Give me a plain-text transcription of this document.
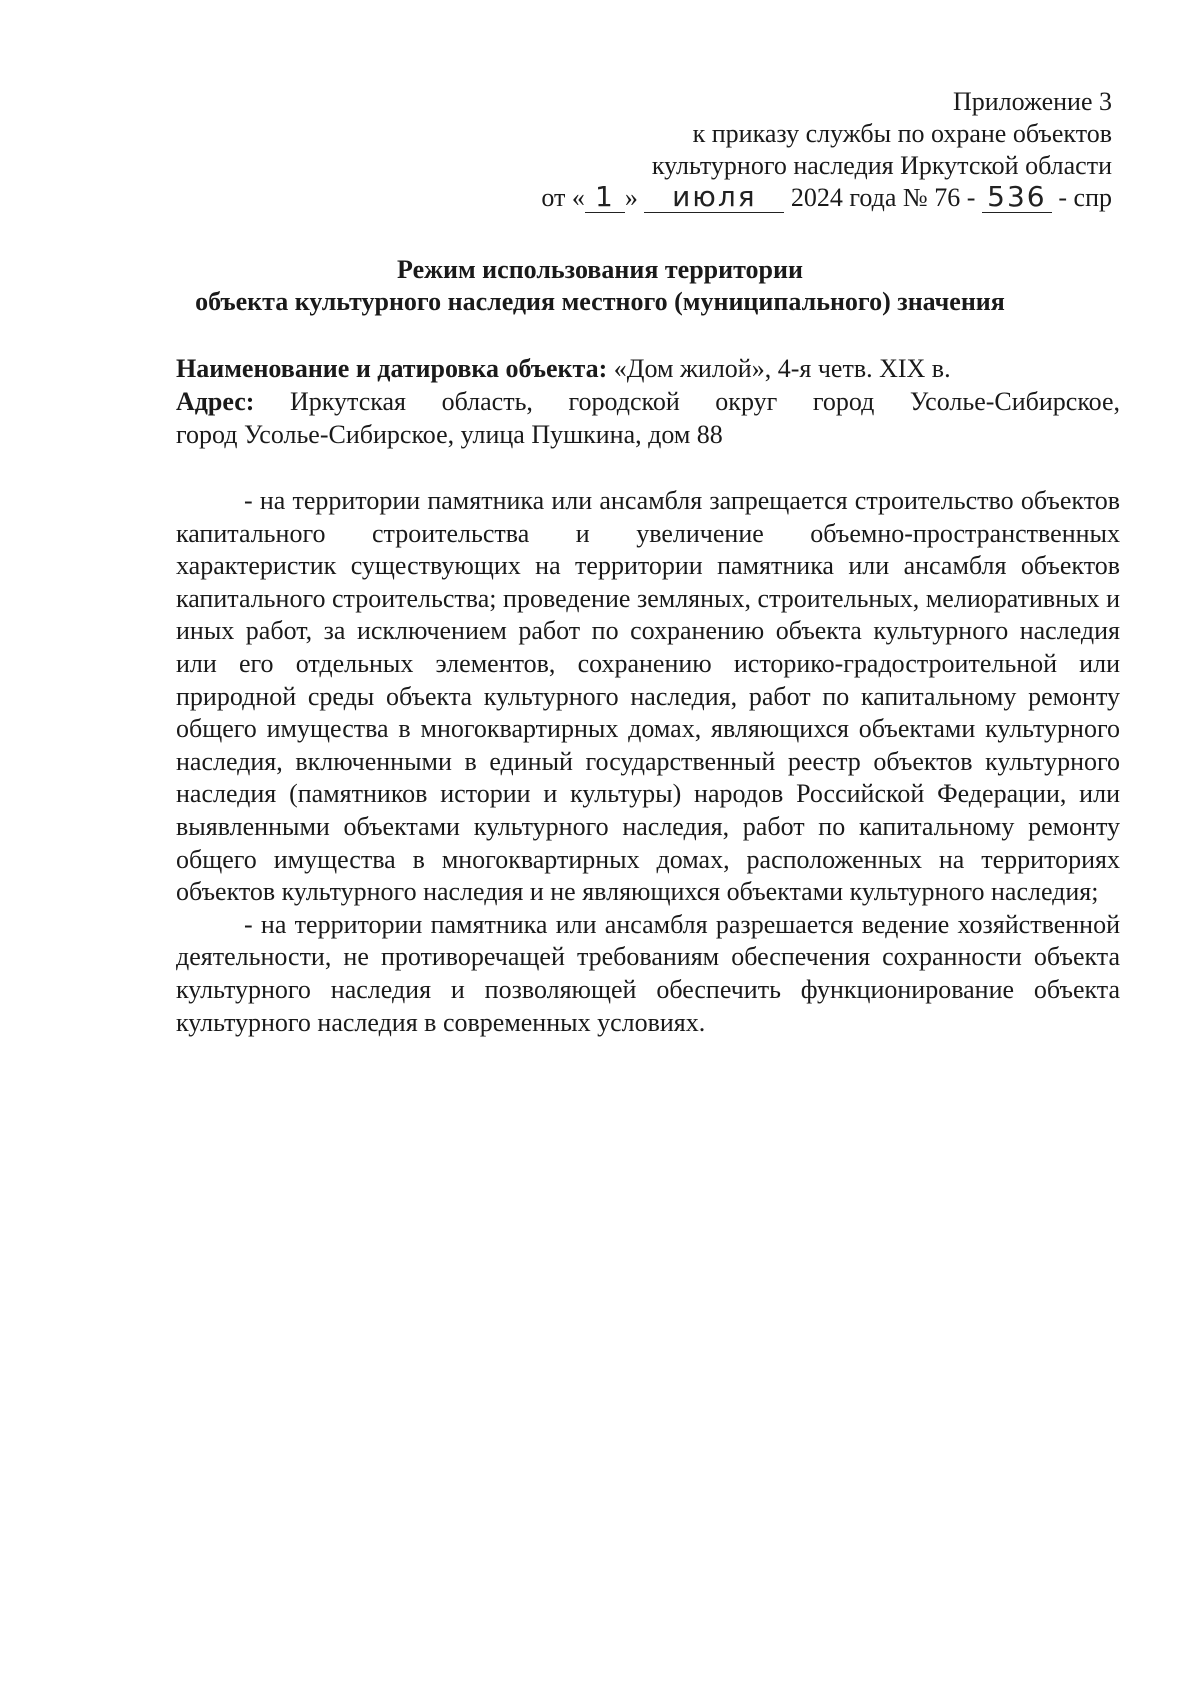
Приложение 3
к приказу службы по охране объектов
культурного наследия Иркутской области
от « 1 » июля 2024 года № 76 - 536 - спр
Режим использования территории
объекта культурного наследия местного (муниципального) значения
Наименование и датировка объекта: «Дом жилой», 4-я четв. XIX в.
Адрес: Иркутская область, городской округ город Усолье-Сибирское,
город Усолье-Сибирское, улица Пушкина, дом 88

- на территории памятника или ансамбля запрещается строительство объектов капитального строительства и увеличение объемно-пространственных характеристик существующих на территории памятника или ансамбля объектов капитального строительства; проведение земляных, строительных, мелиоративных и иных работ, за исключением работ по сохранению объекта культурного наследия или его отдельных элементов, сохранению историко-градостроительной или природной среды объекта культурного наследия, работ по капитальному ремонту общего имущества в многоквартирных домах, являющихся объектами культурного наследия, включенными в единый государственный реестр объектов культурного наследия (памятников истории и культуры) народов Российской Федерации, или выявленными объектами культурного наследия, работ по капитальному ремонту общего имущества в многоквартирных домах, расположенных на территориях объектов культурного наследия и не являющихся объектами культурного наследия;

- на территории памятника или ансамбля разрешается ведение хозяйственной деятельности, не противоречащей требованиям обеспечения сохранности объекта культурного наследия и позволяющей обеспечить функционирование объекта культурного наследия в современных условиях.
